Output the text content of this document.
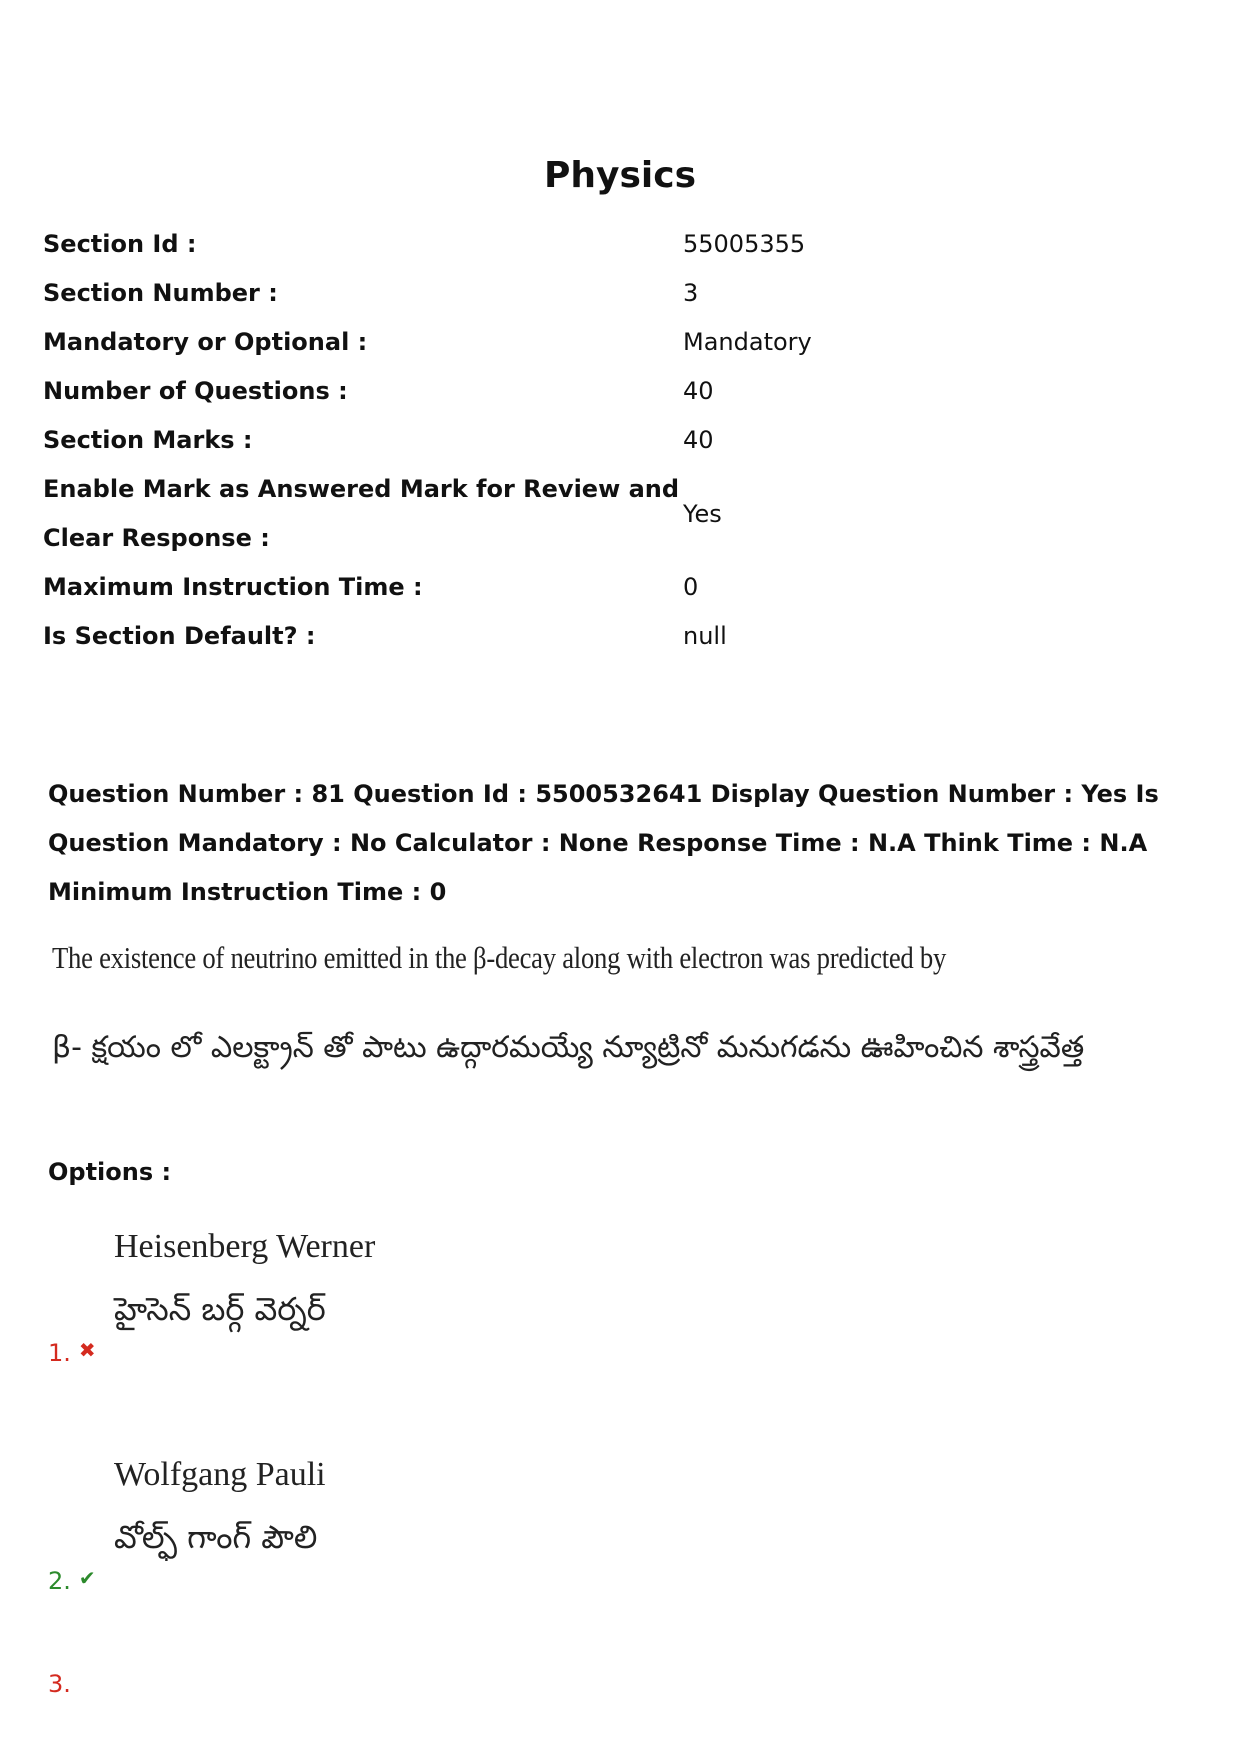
Physics
Section Id :	55005355
Section Number :	3
Mandatory or Optional :	Mandatory
Number of Questions :	40
Section Marks :	40
Enable Mark as Answered Mark for Review and Clear Response :	Yes
Maximum Instruction Time :	0
Is Section Default? :	null

Question Number : 81 Question Id : 5500532641 Display Question Number : Yes Is Question Mandatory : No Calculator : None Response Time : N.A Think Time : N.A Minimum Instruction Time : 0

The existence of neutrino emitted in the β-decay along with electron was predicted by
β- క్షయం లో ఎలక్ట్రాన్ తో పాటు ఉద్గారమయ్యే న్యూట్రినో మనుగడను ఊహించిన శాస్త్రవేత్త
Options :
Heisenberg Werner
హైసెన్ బర్గ్ వెర్నర్
1. ✖
Wolfgang Pauli
వోల్ఫ్ గాంగ్ పౌలి
2. ✔
3.
